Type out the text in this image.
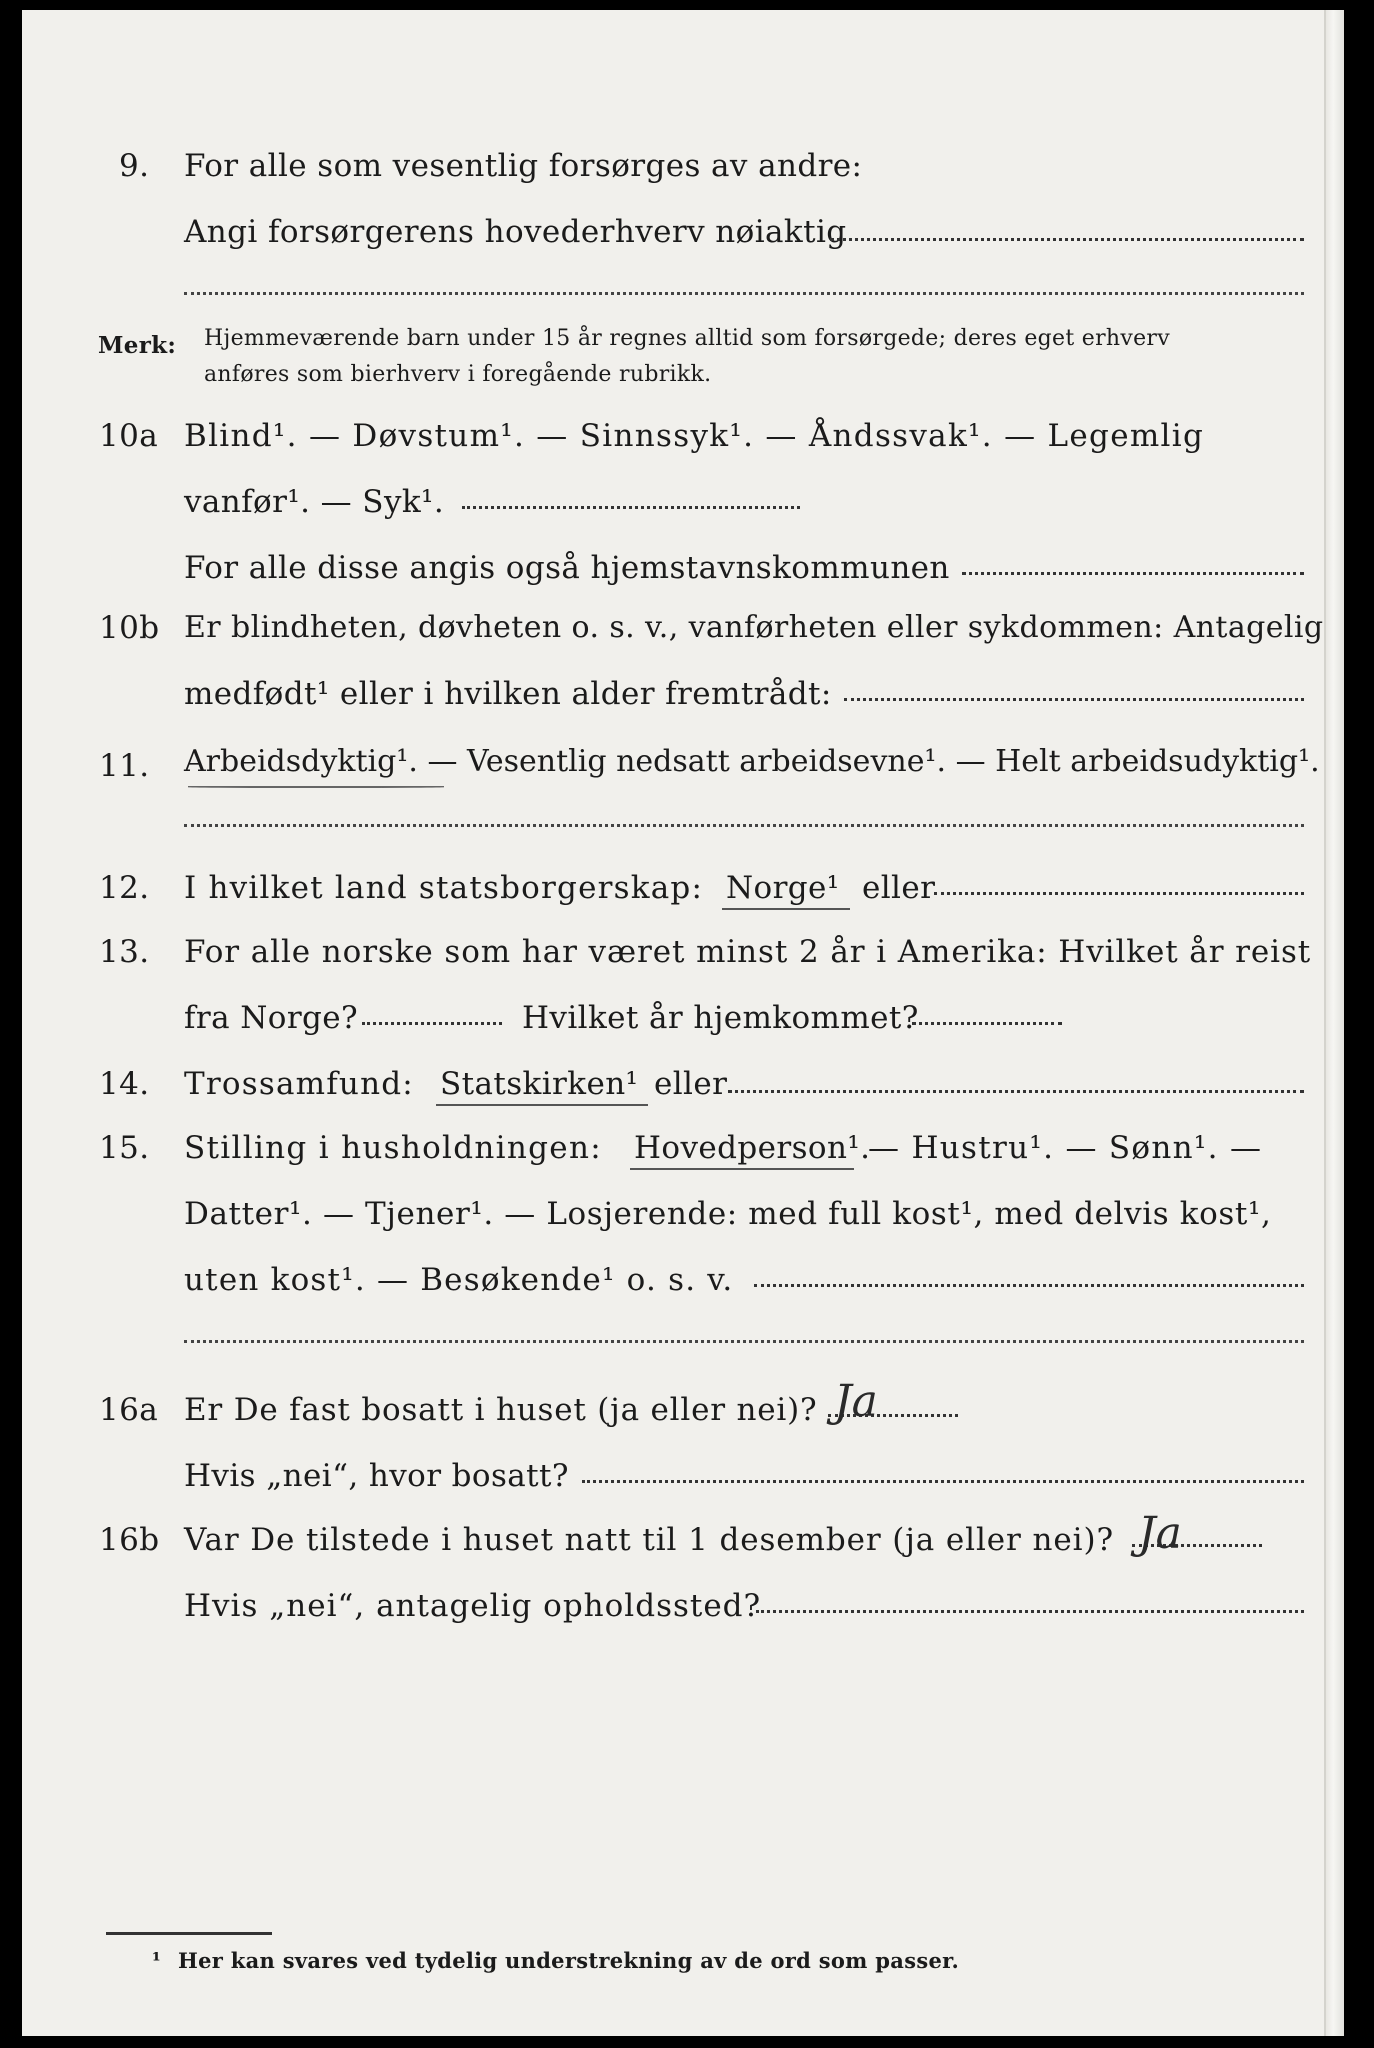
9. For alle som vesentlig forsørges av andre:
Angi forsørgerens hovederhverv nøiaktig
Merk: Hjemmeværende barn under 15 år regnes alltid som forsørgede; deres eget erhverv
anføres som bierhverv i foregående rubrikk.
10a Blind¹. — Døvstum¹. — Sinnssyk¹. — Åndssvak¹. — Legemlig
vanfør¹. — Syk¹.
For alle disse angis også hjemstavnskommunen
10b Er blindheten, døvheten o. s. v., vanførheten eller sykdommen: Antagelig
medfødt¹ eller i hvilken alder fremtrådt:
11. Arbeidsdyktig¹. — Vesentlig nedsatt arbeidsevne¹. — Helt arbeidsudyktig¹.
12. I hvilket land statsborgerskap: Norge¹ eller
13. For alle norske som har været minst 2 år i Amerika: Hvilket år reist
fra Norge?	Hvilket år hjemkommet?
14. Trossamfund: Statskirken¹ eller
15. Stilling i husholdningen: Hovedperson¹.
— Hustru¹. — Sønn¹. —
Datter¹. — Tjener¹. — Losjerende: med full kost¹, med delvis kost¹,
uten kost¹. — Besøkende¹ o. s. v.
16a Er De fast bosatt i huset (ja eller nei)? Ja
Hvis „nei“, hvor bosatt?
16b Var De tilstede i huset natt til 1 desember (ja eller nei)? Ja
Hvis „nei“, antagelig opholdssted?
¹ Her kan svares ved tydelig understrekning av de ord som passer.
